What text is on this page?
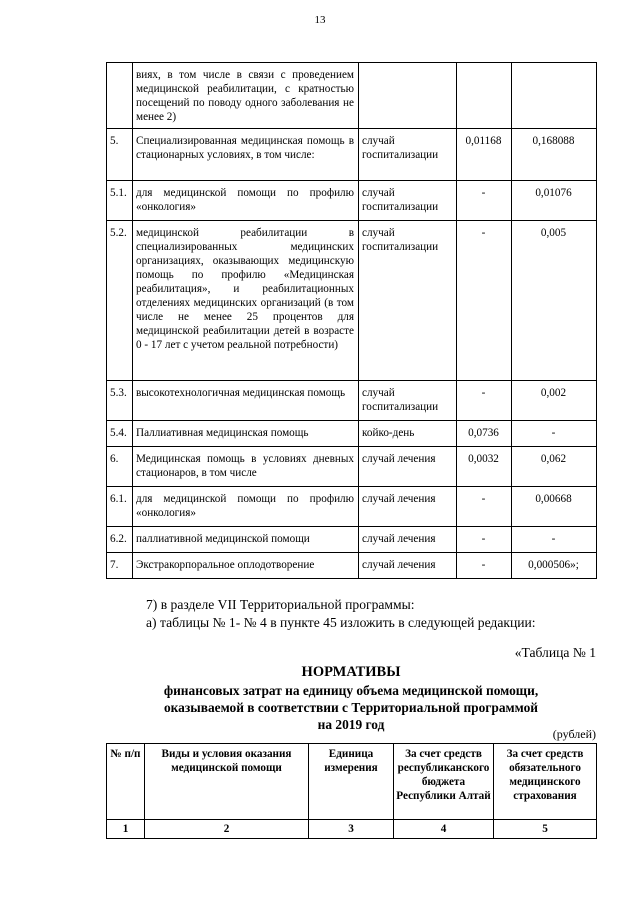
13
	виях, в том числе в связи с проведением медицинской реабилитации, с кратностью посещений по поводу одного заболевания не менее 2)			
5.	Специализированная медицинская помощь в стационарных условиях, в том числе:	случай госпитализации	0,01168	0,168088
5.1.	для медицинской помощи по профилю «онкология»	случай госпитализации	-	0,01076
5.2.	медицинской реабилитации в специализированных медицинских организациях, оказывающих медицинскую помощь по профилю «Медицинская реабилитация», и реабилитационных отделениях медицинских организаций (в том числе не менее 25 процентов для медицинской реабилитации детей в возрасте 0 - 17 лет с учетом реальной потребности)	случай госпитализации	-	0,005
5.3.	высокотехнологичная медицинская помощь	случай госпитализации	-	0,002
5.4.	Паллиативная медицинская помощь	койко-день	0,0736	-
6.	Медицинская помощь в условиях дневных стационаров, в том числе	случай лечения	0,0032	0,062
6.1.	для медицинской помощи по профилю «онкология»	случай лечения	-	0,00668
6.2.	паллиативной медицинской помощи	случай лечения	-	-
7.	Экстракорпоральное оплодотворение	случай лечения	-	0,000506»;
7) в разделе VII Территориальной программы:
а) таблицы № 1- № 4 в пункте 45 изложить в следующей редакции:
«Таблица № 1
НОРМАТИВЫ
финансовых затрат на единицу объема медицинской помощи,
оказываемой в соответствии с Территориальной программой
на 2019 год
(рублей)
№ п/п	Виды и условия оказания медицинской помощи	Единица измерения	За счет средств республиканского бюджета Республики Алтай	За счет средств обязательного медицинского страхования
1	2	3	4	5
